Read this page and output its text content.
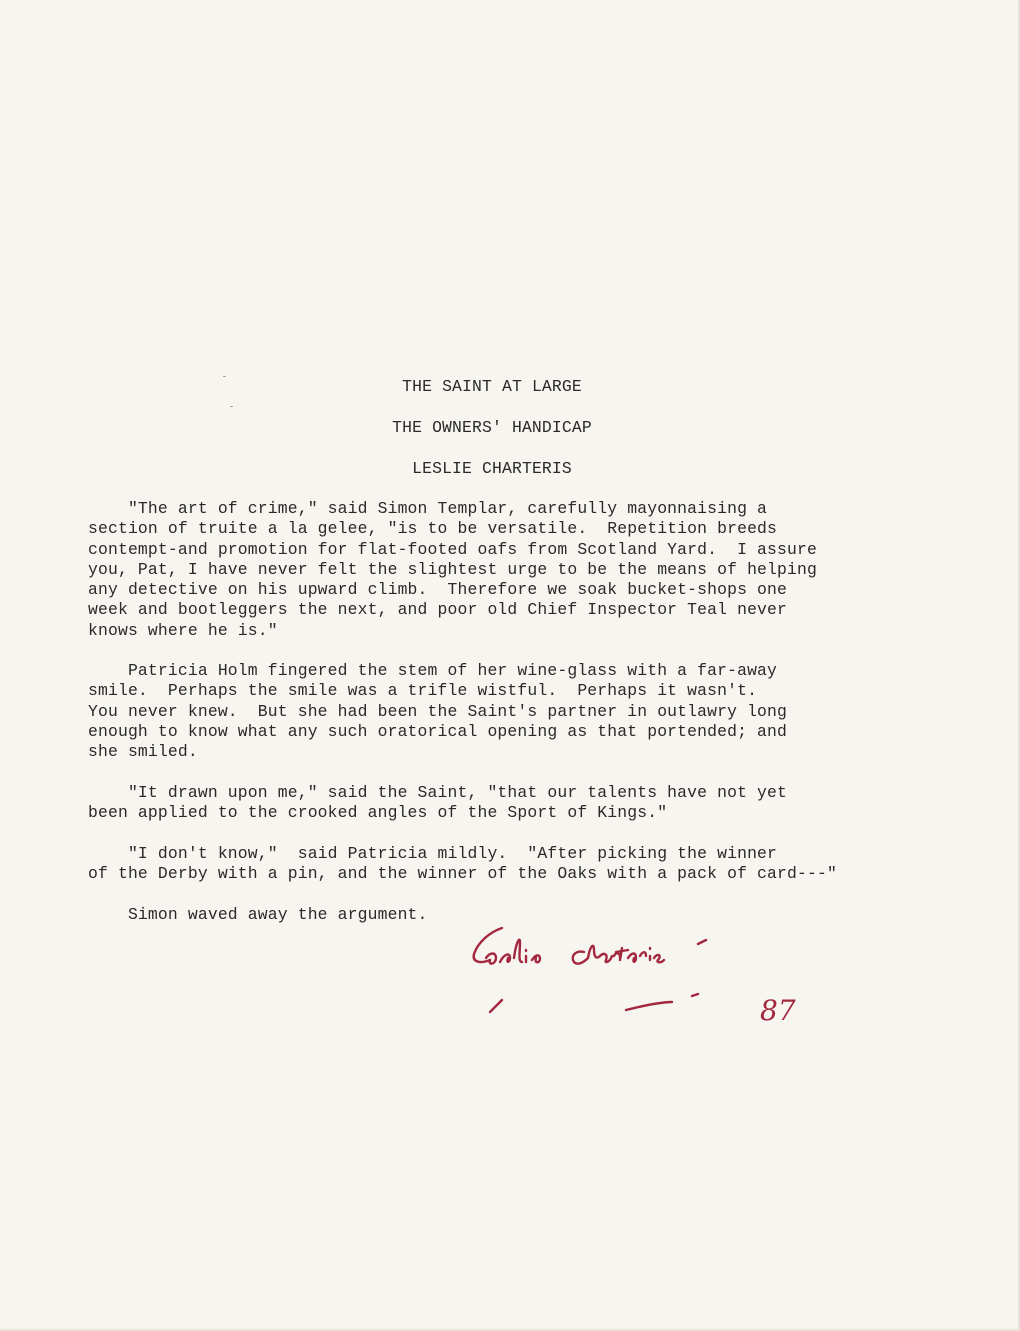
THE SAINT AT LARGE
THE OWNERS' HANDICAP
LESLIE CHARTERIS

"The art of crime," said Simon Templar, carefully mayonnaising a
section of truite a la gelee, "is to be versatile.  Repetition breeds
contempt-and promotion for flat-footed oafs from Scotland Yard.  I assure
you, Pat, I have never felt the slightest urge to be the means of helping
any detective on his upward climb.  Therefore we soak bucket-shops one
week and bootleggers the next, and poor old Chief Inspector Teal never
knows where he is."

Patricia Holm fingered the stem of her wine-glass with a far-away
smile.  Perhaps the smile was a trifle wistful.  Perhaps it wasn't.
You never knew.  But she had been the Saint's partner in outlawry long
enough to know what any such oratorical opening as that portended; and
she smiled.

"It drawn upon me," said the Saint, "that our talents have not yet
been applied to the crooked angles of the Sport of Kings."

"I don't know,"  said Patricia mildly.  "After picking the winner
of the Derby with a pin, and the winner of the Oaks with a pack of card---"

Simon waved away the argument.

87
